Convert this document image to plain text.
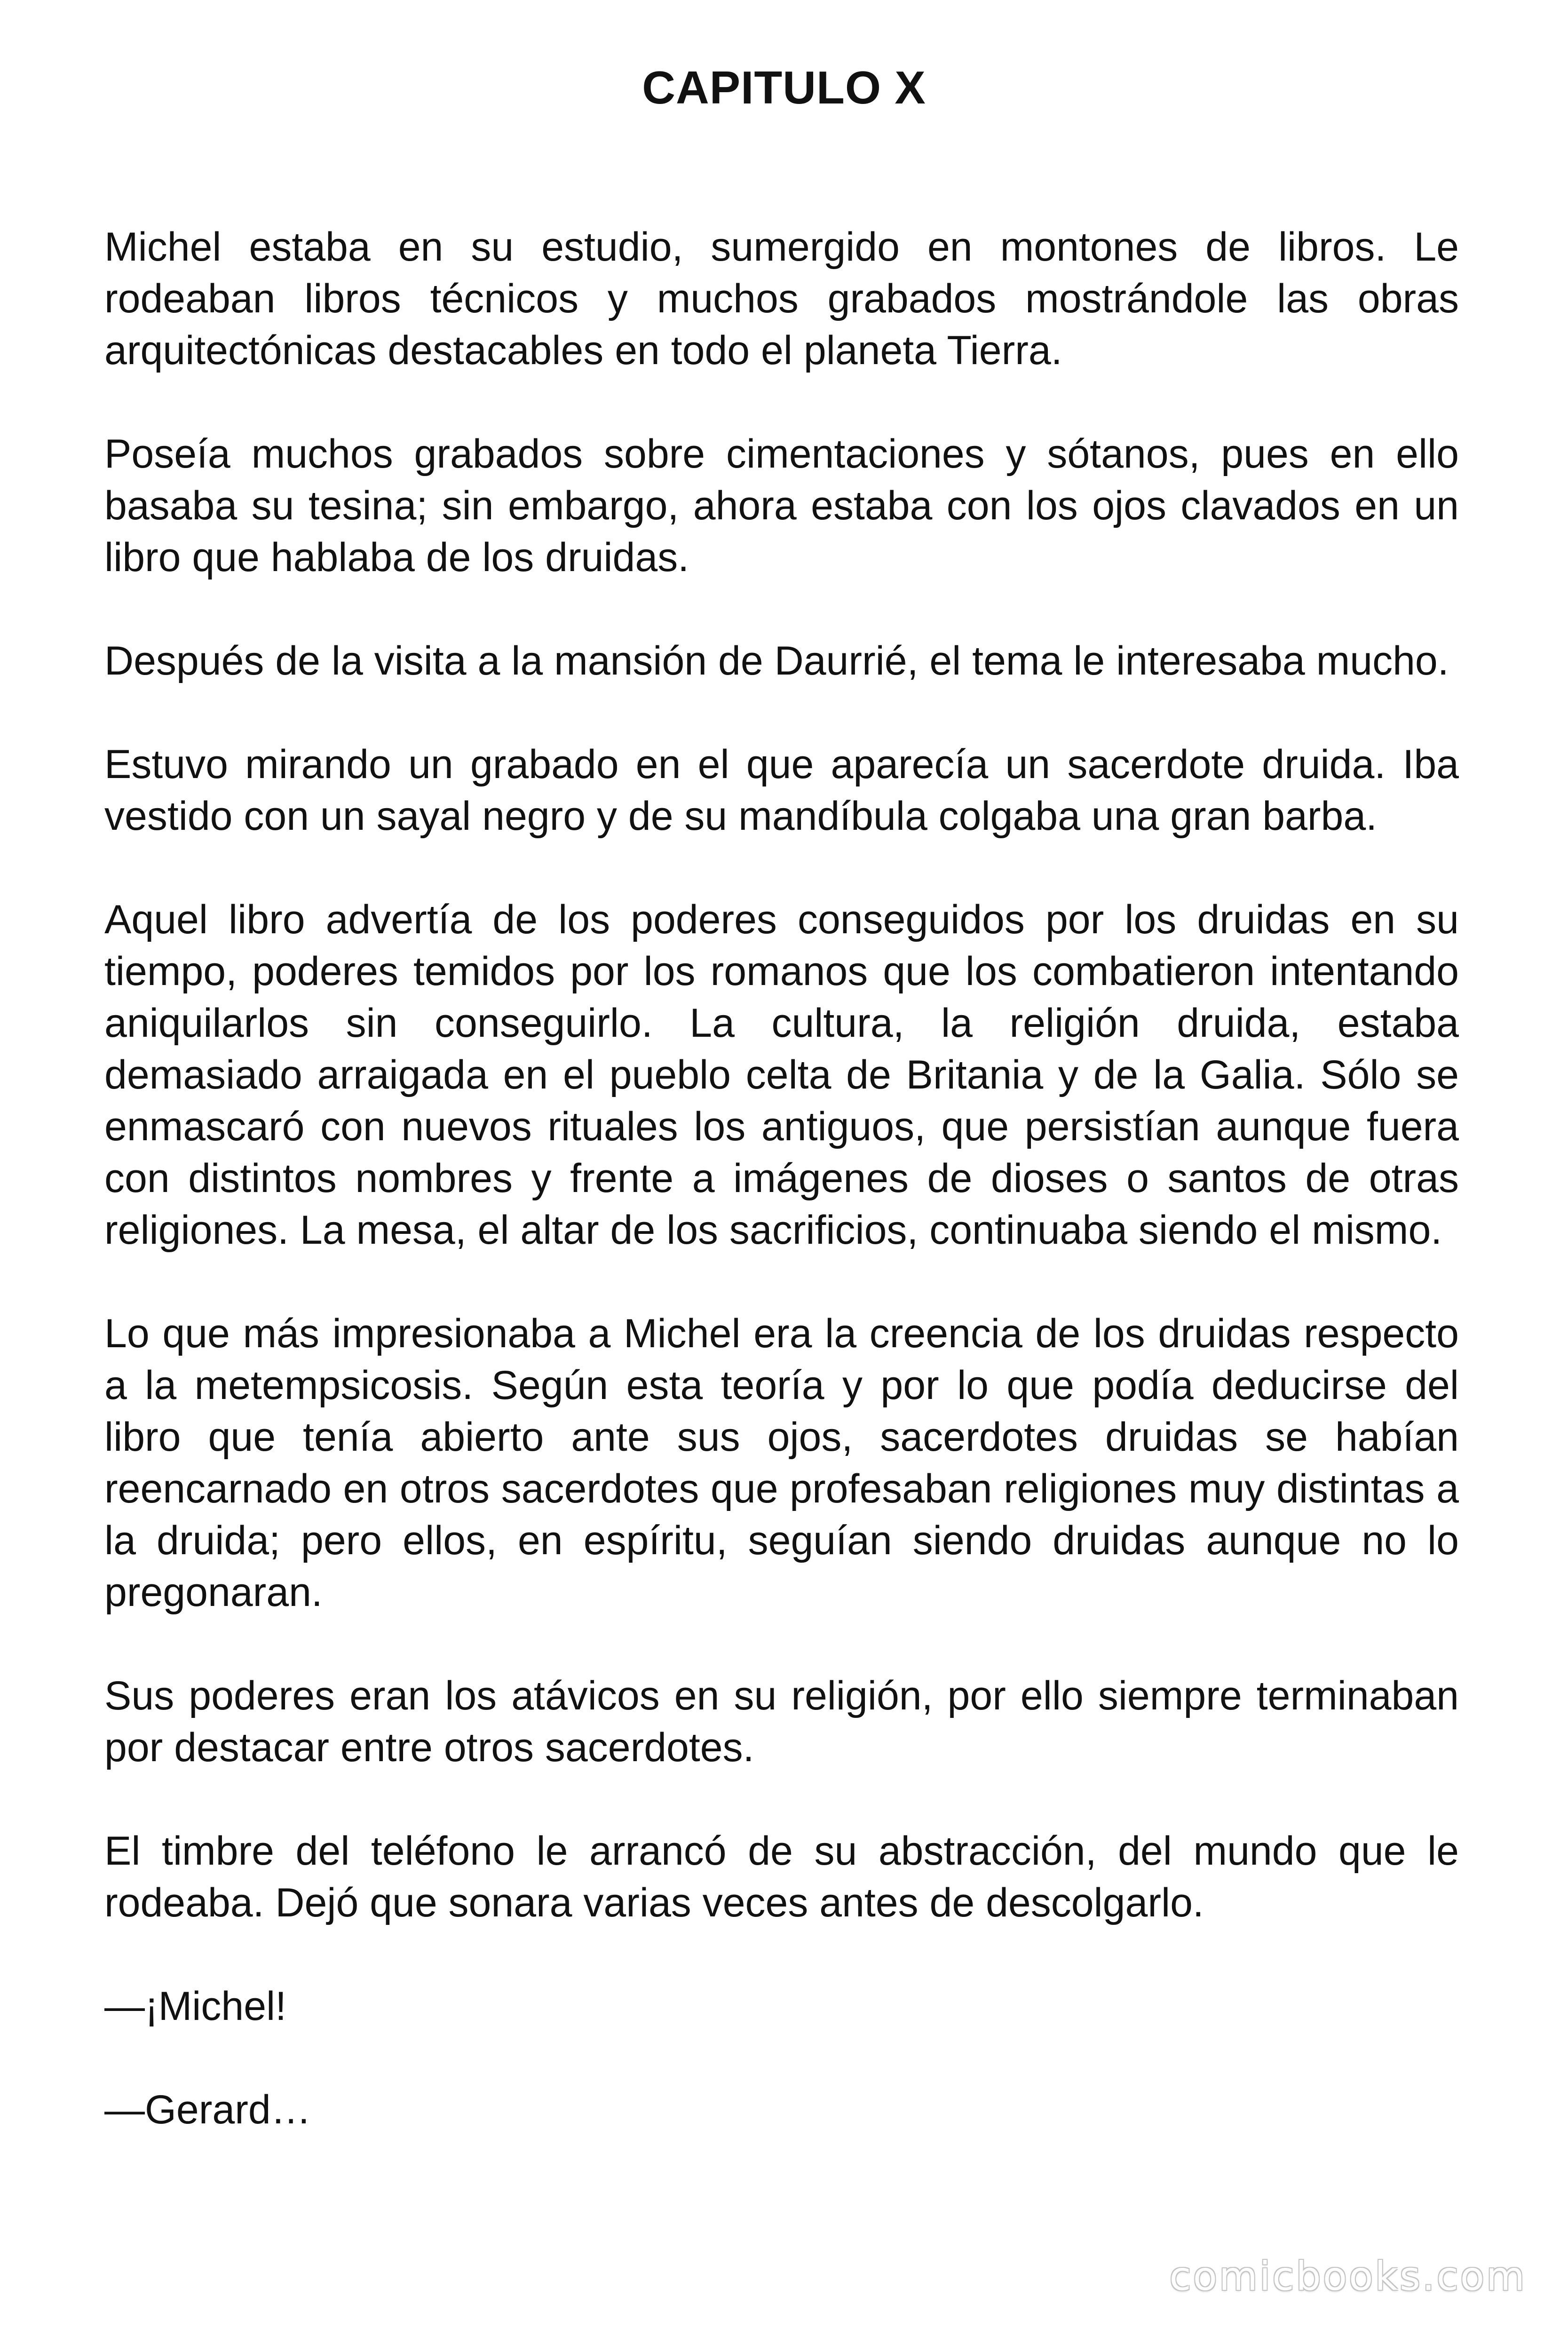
CAPITULO X

Michel estaba en su estudio, sumergido en montones de libros. Le rodeaban libros técnicos y muchos grabados mostrándole las obras arquitectónicas destacables en todo el planeta Tierra.

Poseía muchos grabados sobre cimentaciones y sótanos, pues en ello basaba su tesina; sin embargo, ahora estaba con los ojos clavados en un libro que hablaba de los druidas.

Después de la visita a la mansión de Daurrié, el tema le interesaba mucho.

Estuvo mirando un grabado en el que aparecía un sacerdote druida. Iba vestido con un sayal negro y de su mandíbula colgaba una gran barba.

Aquel libro advertía de los poderes conseguidos por los druidas en su tiempo, poderes temidos por los romanos que los combatieron intentando aniquilarlos sin conseguirlo. La cultura, la religión druida, estaba demasiado arraigada en el pueblo celta de Britania y de la Galia. Sólo se enmascaró con nuevos rituales los antiguos, que persistían aunque fuera con distintos nombres y frente a imágenes de dioses o santos de otras religiones. La mesa, el altar de los sacrificios, continuaba siendo el mismo.

Lo que más impresionaba a Michel era la creencia de los druidas respecto a la metempsicosis. Según esta teoría y por lo que podía deducirse del libro que tenía abierto ante sus ojos, sacerdotes druidas se habían reencarnado en otros sacerdotes que profesaban religiones muy distintas a la druida; pero ellos, en espíritu, seguían siendo druidas aunque no lo pregonaran.

Sus poderes eran los atávicos en su religión, por ello siempre terminaban por destacar entre otros sacerdotes.

El timbre del teléfono le arrancó de su abstracción, del mundo que le rodeaba. Dejó que sonara varias veces antes de descolgarlo.

—¡Michel!

—Gerard…

comicbooks.com
